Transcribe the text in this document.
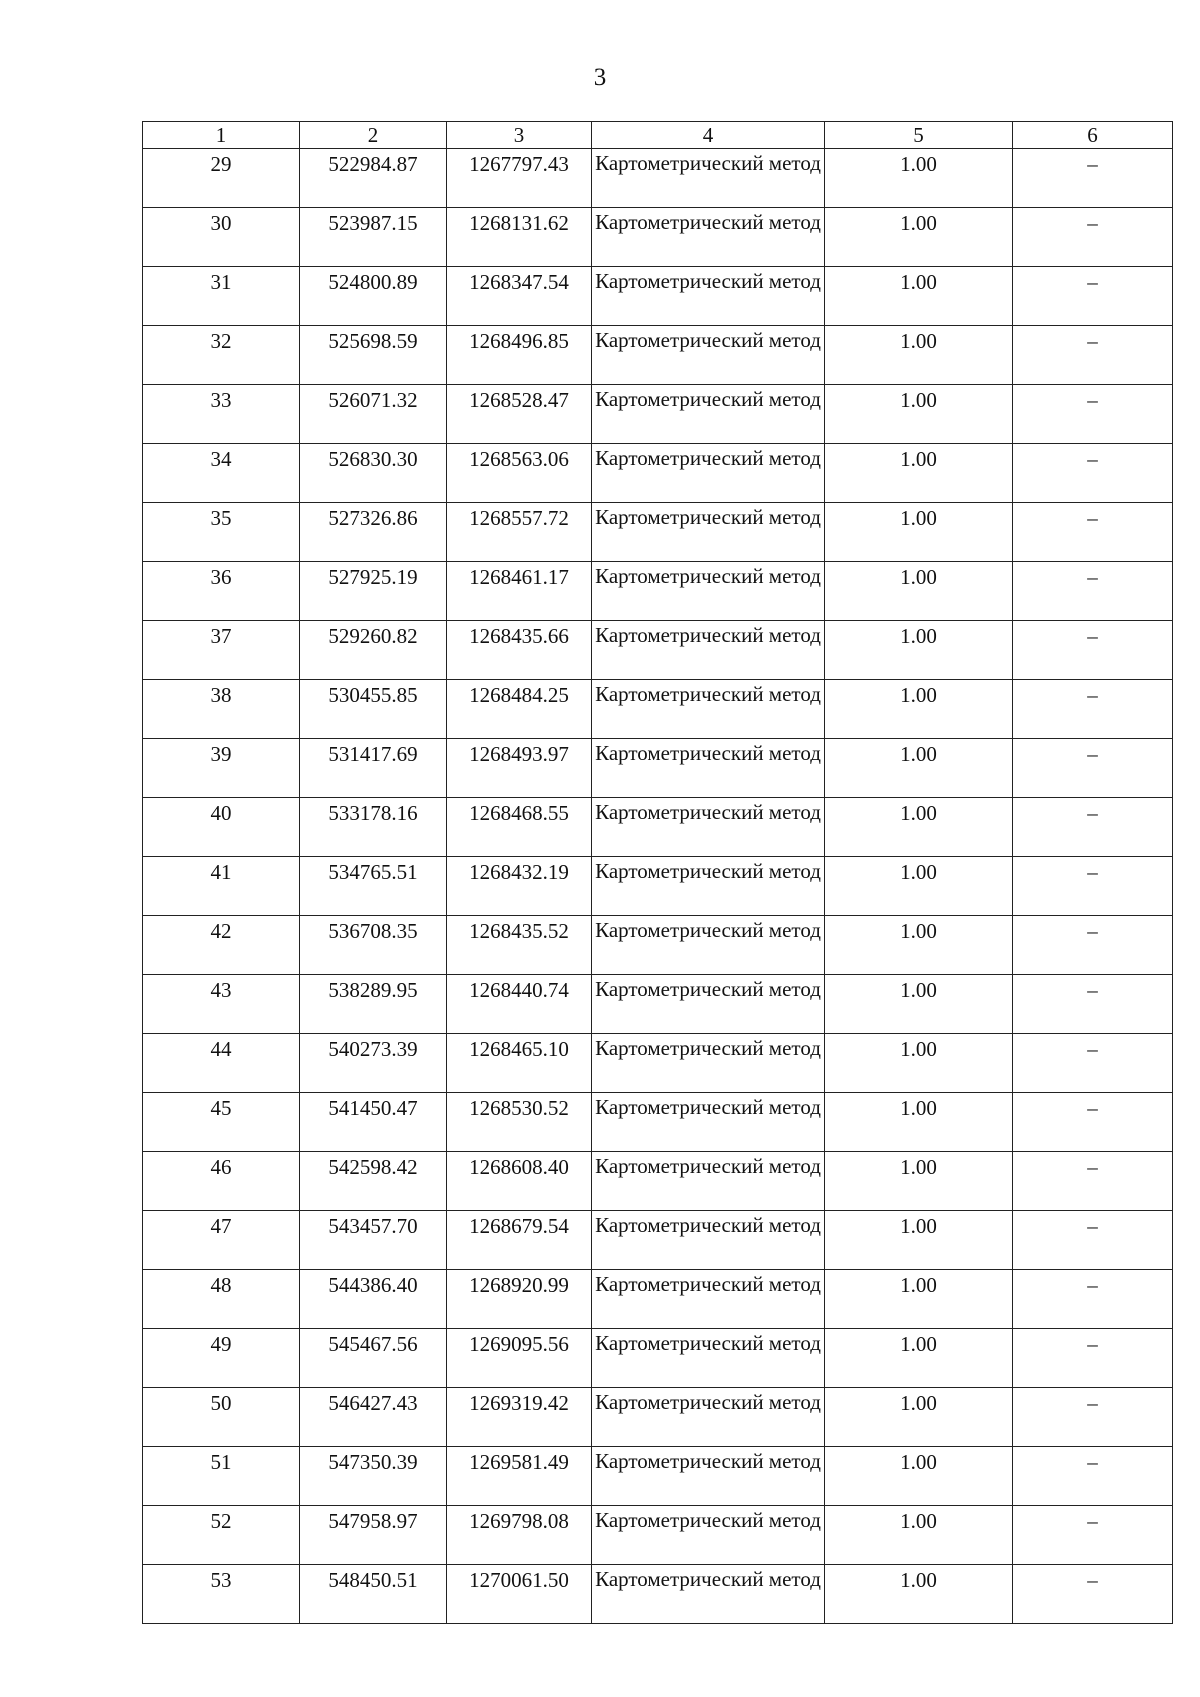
3
1	2	3	4	5	6
29	522984.87	1267797.43	Картометрический метод	1.00	–
30	523987.15	1268131.62	Картометрический метод	1.00	–
31	524800.89	1268347.54	Картометрический метод	1.00	–
32	525698.59	1268496.85	Картометрический метод	1.00	–
33	526071.32	1268528.47	Картометрический метод	1.00	–
34	526830.30	1268563.06	Картометрический метод	1.00	–
35	527326.86	1268557.72	Картометрический метод	1.00	–
36	527925.19	1268461.17	Картометрический метод	1.00	–
37	529260.82	1268435.66	Картометрический метод	1.00	–
38	530455.85	1268484.25	Картометрический метод	1.00	–
39	531417.69	1268493.97	Картометрический метод	1.00	–
40	533178.16	1268468.55	Картометрический метод	1.00	–
41	534765.51	1268432.19	Картометрический метод	1.00	–
42	536708.35	1268435.52	Картометрический метод	1.00	–
43	538289.95	1268440.74	Картометрический метод	1.00	–
44	540273.39	1268465.10	Картометрический метод	1.00	–
45	541450.47	1268530.52	Картометрический метод	1.00	–
46	542598.42	1268608.40	Картометрический метод	1.00	–
47	543457.70	1268679.54	Картометрический метод	1.00	–
48	544386.40	1268920.99	Картометрический метод	1.00	–
49	545467.56	1269095.56	Картометрический метод	1.00	–
50	546427.43	1269319.42	Картометрический метод	1.00	–
51	547350.39	1269581.49	Картометрический метод	1.00	–
52	547958.97	1269798.08	Картометрический метод	1.00	–
53	548450.51	1270061.50	Картометрический метод	1.00	–
